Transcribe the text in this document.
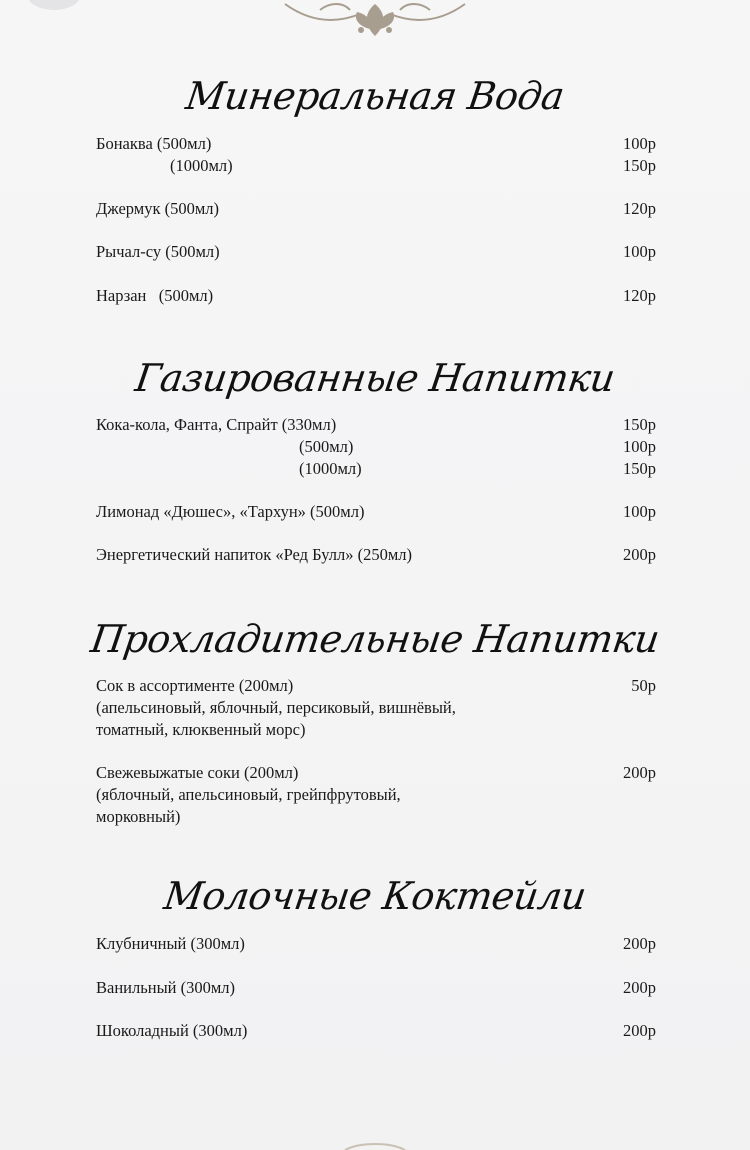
Минеральная Вода
Бонаква (500мл)	100р
(1000мл)	150р
Джермук (500мл)	120р
Рычал-су (500мл)	100р
Нарзан   (500мл)	120р
Газированные Напитки
Кока-кола, Фанта, Спрайт (330мл)	150р
(500мл)	100р
(1000мл)	150р
Лимонад «Дюшес», «Тархун» (500мл)	100р
Энергетический напиток «Ред Булл» (250мл)	200р
Прохладительные Напитки
Сок в ассортименте (200мл)	50р
(апельсиновый, яблочный, персиковый, вишнёвый,
томатный, клюквенный морс)
Свежевыжатые соки (200мл)	200р
(яблочный, апельсиновый, грейпфрутовый,
морковный)
Молочные Коктейли
Клубничный (300мл)	200р
Ванильный (300мл)	200р
Шоколадный (300мл)	200р
